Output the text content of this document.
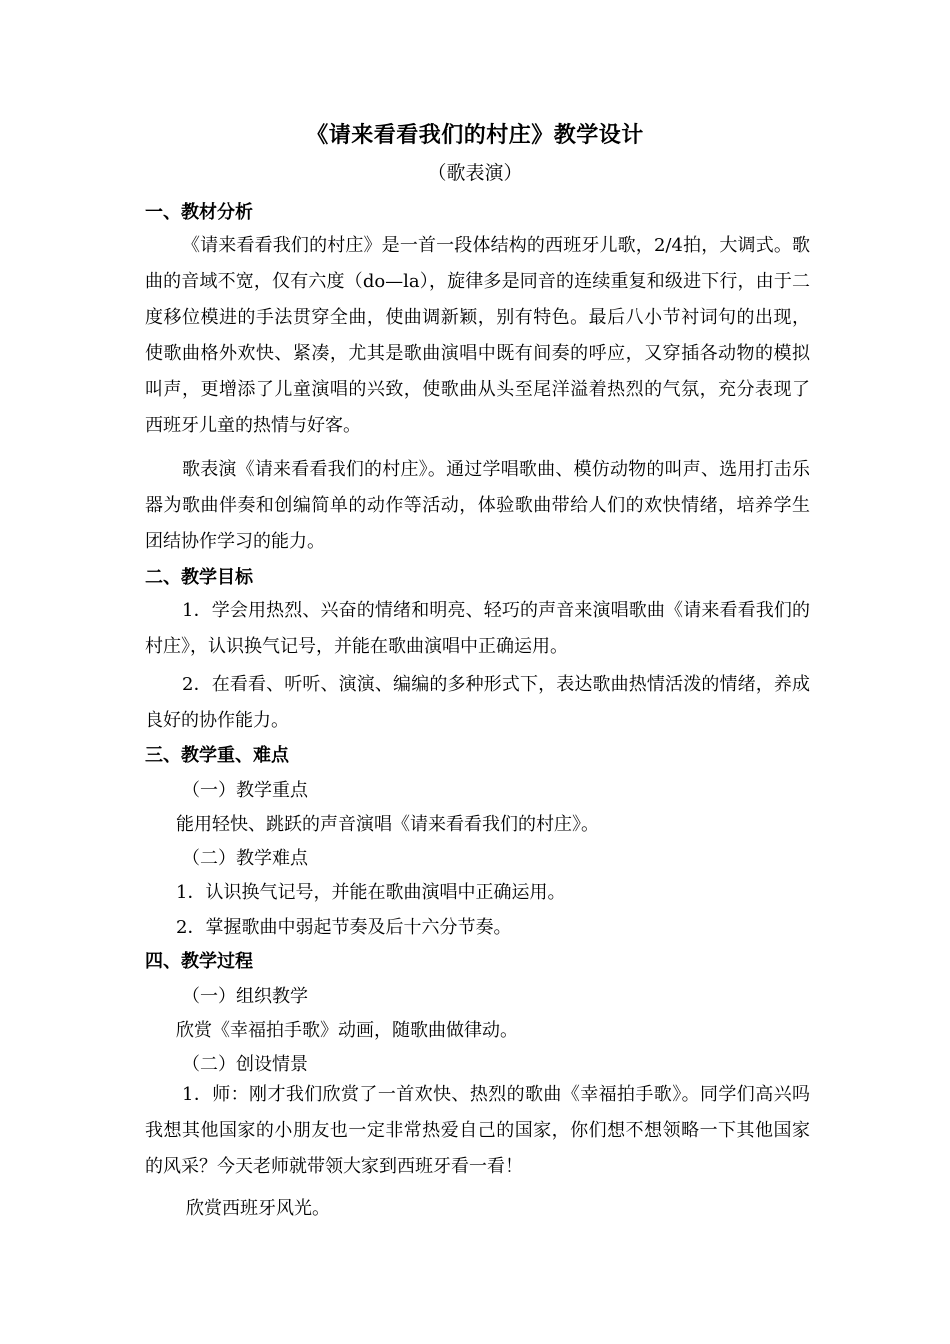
《请来看看我们的村庄》教学设计
（歌表演）
一、教材分析
《请来看看我们的村庄》是一首一段体结构的西班牙儿歌，2/4拍，大调式。歌曲的音域不宽，仅有六度（do—la），旋律多是同音的连续重复和级进下行，由于二度移位模进的手法贯穿全曲，使曲调新颖，别有特色。最后八小节衬词句的出现，使歌曲格外欢快、紧凑，尤其是歌曲演唱中既有间奏的呼应，又穿插各动物的模拟叫声，更增添了儿童演唱的兴致，使歌曲从头至尾洋溢着热烈的气氛，充分表现了西班牙儿童的热情与好客。
歌表演《请来看看我们的村庄》。通过学唱歌曲、模仿动物的叫声、选用打击乐器为歌曲伴奏和创编简单的动作等活动，体验歌曲带给人们的欢快情绪，培养学生团结协作学习的能力。
二、教学目标
1．学会用热烈、兴奋的情绪和明亮、轻巧的声音来演唱歌曲《请来看看我们的村庄》，认识换气记号，并能在歌曲演唱中正确运用。
2．在看看、听听、演演、编编的多种形式下，表达歌曲热情活泼的情绪，养成良好的协作能力。
三、教学重、难点
（一）教学重点
能用轻快、跳跃的声音演唱《请来看看我们的村庄》。
（二）教学难点
1．认识换气记号，并能在歌曲演唱中正确运用。
2．掌握歌曲中弱起节奏及后十六分节奏。
四、教学过程
（一）组织教学
欣赏《幸福拍手歌》动画，随歌曲做律动。
（二）创设情景
1．师：刚才我们欣赏了一首欢快、热烈的歌曲《幸福拍手歌》。同学们高兴吗我想其他国家的小朋友也一定非常热爱自己的国家，你们想不想领略一下其他国家的风采？今天老师就带领大家到西班牙看一看！
欣赏西班牙风光。
